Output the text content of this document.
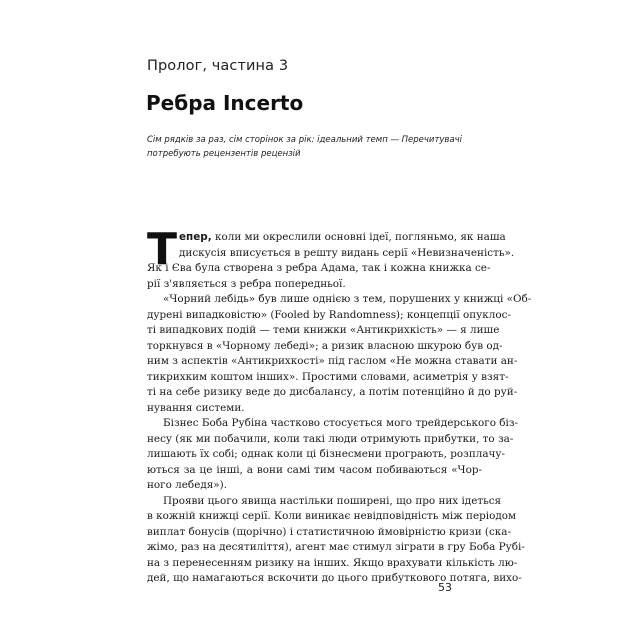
Пролог, частина 3
Ребра Incerto
Сім рядків за раз, сім сторінок за рік: ідеальний темп — Перечитувачі
потребують рецензентів рецензій
Т епер, коли ми окреслили основні ідеї, погляньмо, як наша
дискусія вписується в решту видань серії «Невизначеність».
Як і Єва була створена з ребра Адама, так і кожна книжка се-
рії з'являється з ребра попередньої.

«Чорний лебідь» був лише однією з тем, порушених у книжці «Об-
дурені випадковістю» (Fooled by Randomness); концепції опуклос-
ті випадкових подій — теми книжки «Антикрихкість» — я лише
торкнувся в «Чорному лебеді»; а ризик власною шкурою був од-
ним з аспектів «Антикрихкості» під гаслом «Не можна ставати ан-
тикрихким коштом інших». Простими словами, асиметрія у взят-
ті на себе ризику веде до дисбалансу, а потім потенційно й до руй-
нування системи.

Бізнес Боба Рубіна частково стосується мого трейдерського біз-
несу (як ми побачили, коли такі люди отримують прибутки, то за-
лишають їх собі; однак коли ці бізнесмени програють, розплачу-
ються за це інші, а вони самі тим часом побиваються «Чор-
ного лебедя»).

Прояви цього явища настільки поширені, що про них ідеться
в кожній книжці серії. Коли виникає невідповідність між періодом
виплат бонусів (щорічно) і статистичною ймовірністю кризи (ска-
жімо, раз на десятиліття), агент має стимул зіграти в гру Боба Рубі-
на з перенесенням ризику на інших. Якщо врахувати кількість лю-
дей, що намагаються вскочити до цього прибуткового потяга, вихо-

53
